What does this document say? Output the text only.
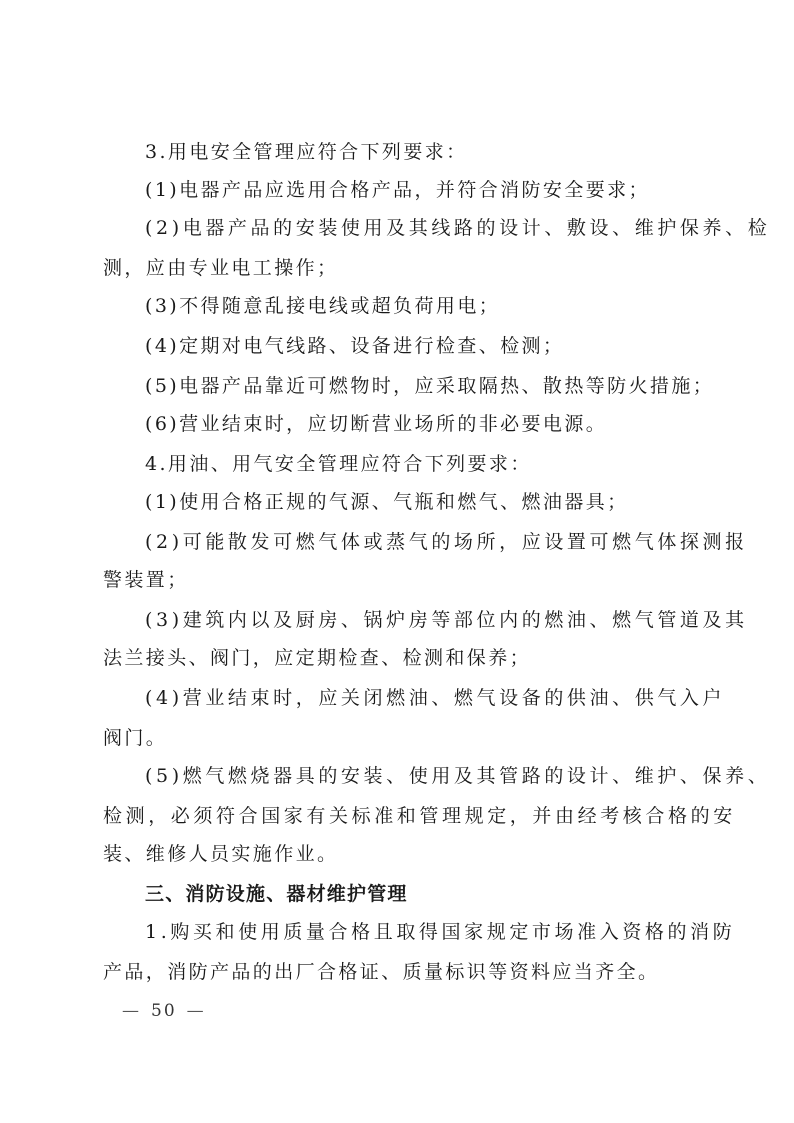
3.用电安全管理应符合下列要求：
(1)电器产品应选用合格产品，并符合消防安全要求；
(2)电器产品的安装使用及其线路的设计、敷设、维护保养、检
测，应由专业电工操作；
(3)不得随意乱接电线或超负荷用电；
(4)定期对电气线路、设备进行检查、检测；
(5)电器产品靠近可燃物时，应采取隔热、散热等防火措施；
(6)营业结束时，应切断营业场所的非必要电源。
4.用油、用气安全管理应符合下列要求：
(1)使用合格正规的气源、气瓶和燃气、燃油器具；
(2)可能散发可燃气体或蒸气的场所，应设置可燃气体探测报
警装置；
(3)建筑内以及厨房、锅炉房等部位内的燃油、燃气管道及其
法兰接头、阀门，应定期检查、检测和保养；
(4)营业结束时，应关闭燃油、燃气设备的供油、供气入户
阀门。
(5)燃气燃烧器具的安装、使用及其管路的设计、维护、保养、
检测，必须符合国家有关标准和管理规定，并由经考核合格的安
装、维修人员实施作业。
三、消防设施、器材维护管理
1.购买和使用质量合格且取得国家规定市场准入资格的消防
产品，消防产品的出厂合格证、质量标识等资料应当齐全。
— 50 —
